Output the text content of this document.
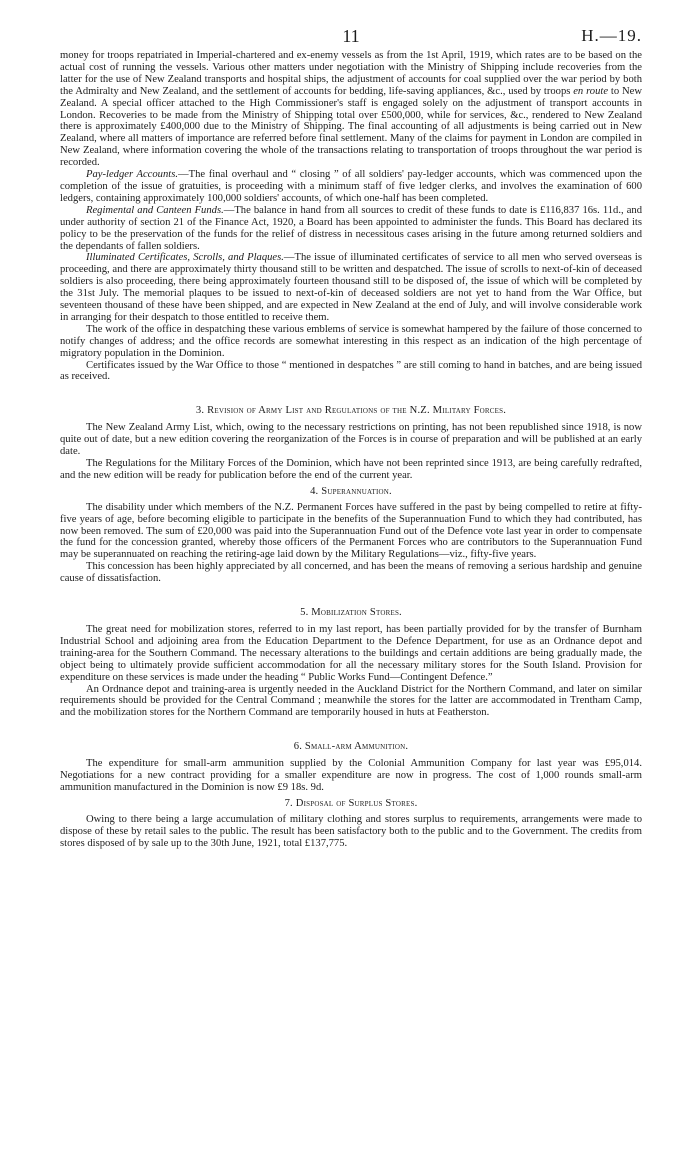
11	H.—19.

money for troops repatriated in Imperial-chartered and ex-enemy vessels as from the 1st April, 1919, which rates are to be based on the actual cost of running the vessels. Various other matters under negotiation with the Ministry of Shipping include recoveries from the latter for the use of New Zealand transports and hospital ships, the adjustment of accounts for coal supplied over the war period by both the Admiralty and New Zealand, and the settlement of accounts for bedding, life-saving appliances, &c., used by troops en route to New Zealand. A special officer attached to the High Commissioner's staff is engaged solely on the adjustment of transport accounts in London. Recoveries to be made from the Ministry of Shipping total over £500,000, while for services, &c., rendered to New Zealand there is approximately £400,000 due to the Ministry of Shipping. The final accounting of all adjustments is being carried out in New Zealand, where all matters of importance are referred before final settlement. Many of the claims for payment in London are compiled in New Zealand, where information covering the whole of the transactions relating to transportation of troops throughout the war period is recorded.

Pay-ledger Accounts.—The final overhaul and “ closing ” of all soldiers' pay-ledger accounts, which was commenced upon the completion of the issue of gratuities, is proceeding with a minimum staff of five ledger clerks, and involves the examination of 600 ledgers, containing approximately 100,000 soldiers' accounts, of which one-half has been completed.

Regimental and Canteen Funds.—The balance in hand from all sources to credit of these funds to date is £116,837 16s. 11d., and under authority of section 21 of the Finance Act, 1920, a Board has been appointed to administer the funds. This Board has declared its policy to be the preservation of the funds for the relief of distress in necessitous cases arising in the future among returned soldiers and the dependants of fallen soldiers.

Illuminated Certificates, Scrolls, and Plaques.—The issue of illuminated certificates of service to all men who served overseas is proceeding, and there are approximately thirty thousand still to be written and despatched. The issue of scrolls to next-of-kin of deceased soldiers is also proceeding, there being approximately fourteen thousand still to be disposed of, the issue of which will be completed by the 31st July. The memorial plaques to be issued to next-of-kin of deceased soldiers are not yet to hand from the War Office, but seventeen thousand of these have been shipped, and are expected in New Zealand at the end of July, and will involve considerable work in arranging for their despatch to those entitled to receive them.

The work of the office in despatching these various emblems of service is somewhat hampered by the failure of those concerned to notify changes of address; and the office records are somewhat interesting in this respect as an indication of the high percentage of migratory population in the Dominion.

Certificates issued by the War Office to those “ mentioned in despatches ” are still coming to hand in batches, and are being issued as received.

3. Revision of Army List and Regulations of the N.Z. Military Forces.

The New Zealand Army List, which, owing to the necessary restrictions on printing, has not been republished since 1918, is now quite out of date, but a new edition covering the reorganization of the Forces is in course of preparation and will be published at an early date.

The Regulations for the Military Forces of the Dominion, which have not been reprinted since 1913, are being carefully redrafted, and the new edition will be ready for publication before the end of the current year.

4. Superannuation.

The disability under which members of the N.Z. Permanent Forces have suffered in the past by being compelled to retire at fifty-five years of age, before becoming eligible to participate in the benefits of the Superannuation Fund to which they had contributed, has now been removed. The sum of £20,000 was paid into the Superannuation Fund out of the Defence vote last year in order to compensate the fund for the concession granted, whereby those officers of the Permanent Forces who are contributors to the Superannuation Fund may be superannuated on reaching the retiring-age laid down by the Military Regulations—viz., fifty-five years.

This concession has been highly appreciated by all concerned, and has been the means of removing a serious hardship and genuine cause of dissatisfaction.

5. Mobilization Stores.

The great need for mobilization stores, referred to in my last report, has been partially provided for by the transfer of Burnham Industrial School and adjoining area from the Education Department to the Defence Department, for use as an Ordnance depot and training-area for the Southern Command. The necessary alterations to the buildings and certain additions are being gradually made, the object being to ultimately provide sufficient accommodation for all the necessary military stores for the South Island. Provision for expenditure on these services is made under the heading “ Public Works Fund—Contingent Defence.”

An Ordnance depot and training-area is urgently needed in the Auckland District for the Northern Command, and later on similar requirements should be provided for the Central Command ; meanwhile the stores for the latter are accommodated in Trentham Camp, and the mobilization stores for the Northern Command are temporarily housed in huts at Featherston.

6. Small-arm Ammunition.

The expenditure for small-arm ammunition supplied by the Colonial Ammunition Company for last year was £95,014. Negotiations for a new contract providing for a smaller expenditure are now in progress. The cost of 1,000 rounds small-arm ammunition manufactured in the Dominion is now £9 18s. 9d.

7. Disposal of Surplus Stores.

Owing to there being a large accumulation of military clothing and stores surplus to requirements, arrangements were made to dispose of these by retail sales to the public. The result has been satisfactory both to the public and to the Government. The credits from stores disposed of by sale up to the 30th June, 1921, total £137,775.
